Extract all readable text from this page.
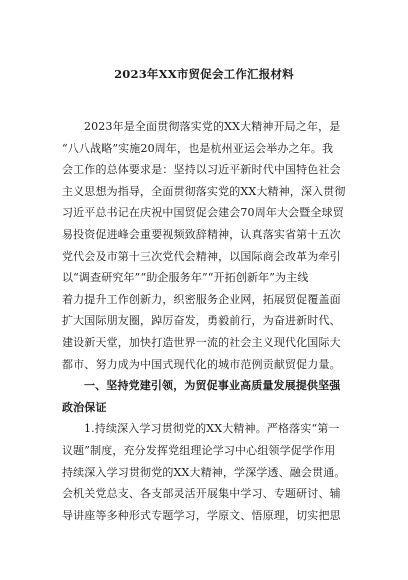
2023年XX市贸促会工作汇报材料
2023年是全面贯彻落实党的XX大精神开局之年，是
“八八战略”实施20周年，也是杭州亚运会举办之年。我
会工作的总体要求是：坚持以习近平新时代中国特色社会
主义思想为指导，全面贯彻落实党的XX大精神，深入贯彻
习近平总书记在庆祝中国贸促会建会70周年大会暨全球贸
易投资促进峰会重要视频致辞精神，认真落实省第十五次
党代会及市第十三次党代会精神，以国际商会改革为牵引
以“调查研究年”“助企服务年”“开拓创新年”为主线
着力提升工作创新力，织密服务企业网，拓展贸促覆盖面
扩大国际朋友圈，踔厉奋发，勇毅前行，为奋进新时代、
建设新天堂，加快打造世界一流的社会主义现代化国际大
都市、努力成为中国式现代化的城市范例贡献贸促力量。
一、坚持党建引领，为贸促事业高质量发展提供坚强
政治保证
1.持续深入学习贯彻党的XX大精神。严格落实“第一
议题”制度，充分发挥党组理论学习中心组领学促学作用
持续深入学习贯彻党的XX大精神，学深学透、融会贯通。
会机关党总支、各支部灵活开展集中学习、专题研讨、辅
导讲座等多种形式专题学习，学原文、悟原理，切实把思
